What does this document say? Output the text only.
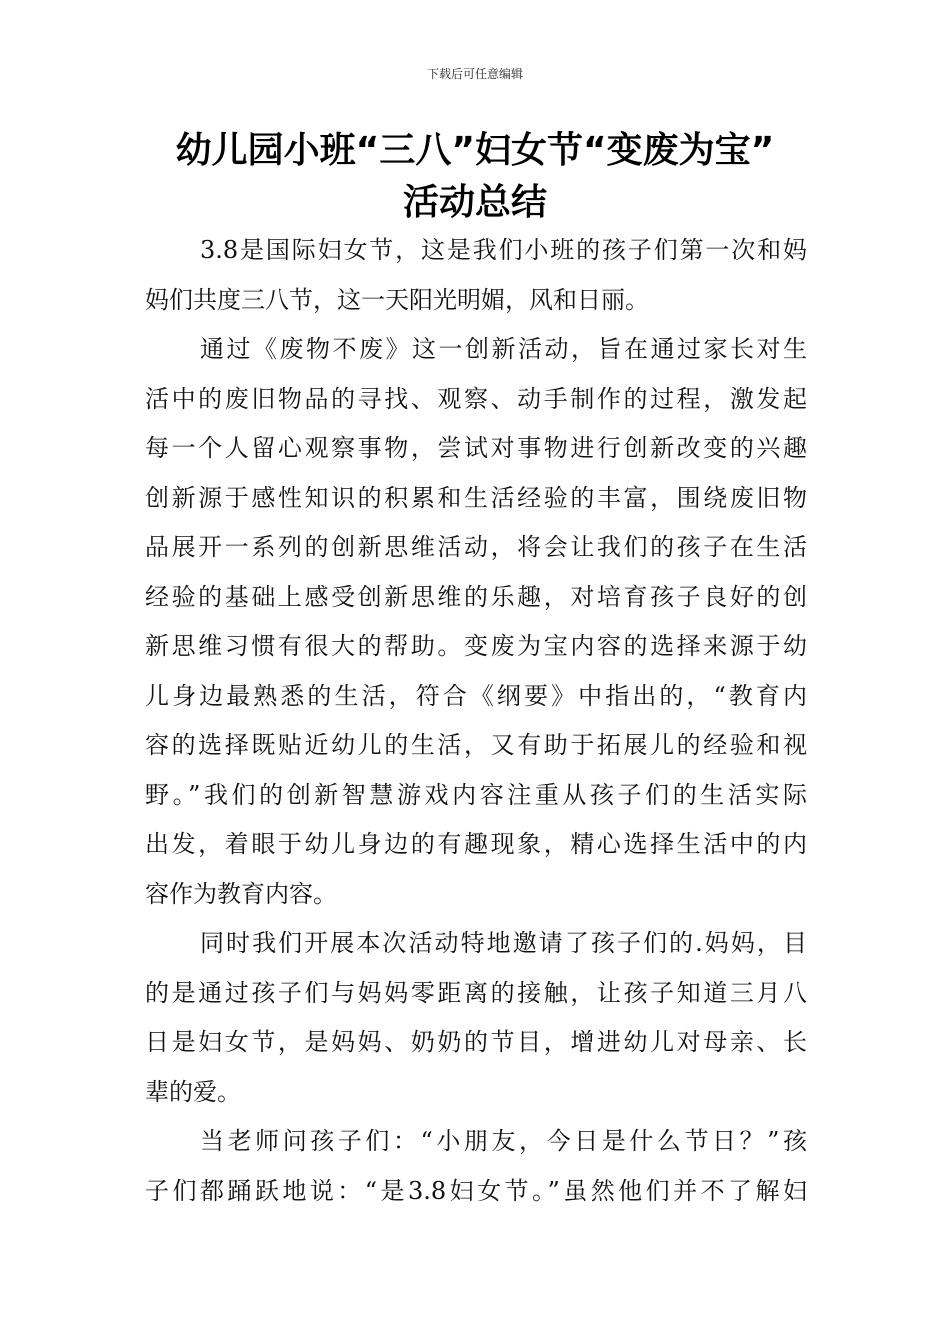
下载后可任意编辑
幼儿园小班“三八”妇女节“变废为宝”
活动总结

3.8是国际妇女节，这是我们小班的孩子们第一次和妈
妈们共度三八节，这一天阳光明媚，风和日丽。

通过《废物不废》这一创新活动，旨在通过家长对生
活中的废旧物品的寻找、观察、动手制作的过程，激发起
每一个人留心观察事物，尝试对事物进行创新改变的兴趣
创新源于感性知识的积累和生活经验的丰富，围绕废旧物
品展开一系列的创新思维活动，将会让我们的孩子在生活
经验的基础上感受创新思维的乐趣，对培育孩子良好的创
新思维习惯有很大的帮助。变废为宝内容的选择来源于幼
儿身边最熟悉的生活，符合《纲要》中指出的，“教育内
容的选择既贴近幼儿的生活，又有助于拓展儿的经验和视
野。”我们的创新智慧游戏内容注重从孩子们的生活实际
出发，着眼于幼儿身边的有趣现象，精心选择生活中的内
容作为教育内容。

同时我们开展本次活动特地邀请了孩子们的.妈妈，目
的是通过孩子们与妈妈零距离的接触，让孩子知道三月八
日是妇女节，是妈妈、奶奶的节目，增进幼儿对母亲、长
辈的爱。

当老师问孩子们：“小朋友，今日是什么节日？”孩
子们都踊跃地说：“是3.8妇女节。”虽然他们并不了解妇
